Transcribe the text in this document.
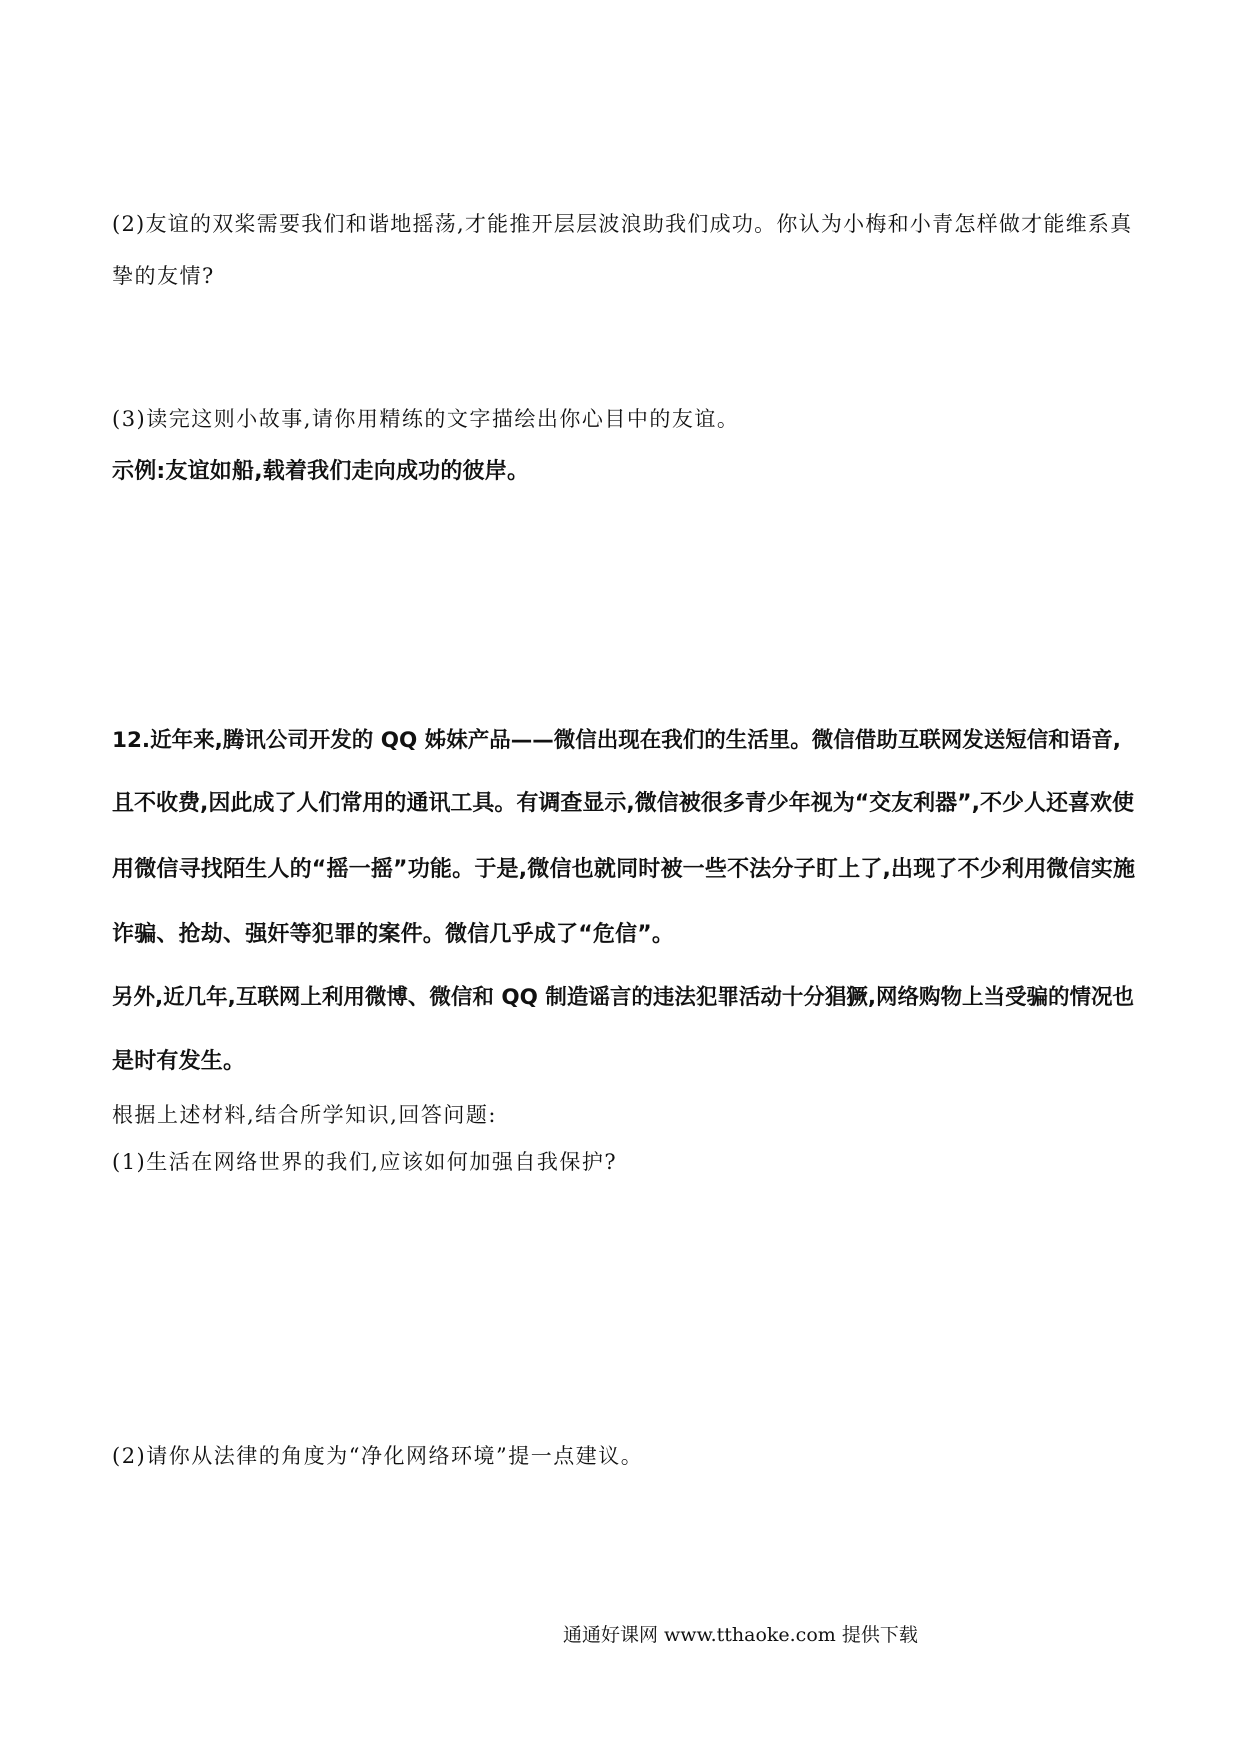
(2)友谊的双桨需要我们和谐地摇荡,才能推开层层波浪助我们成功。你认为小梅和小青怎样做才能维系真
挚的友情?
(3)读完这则小故事,请你用精练的文字描绘出你心目中的友谊。
示例:友谊如船,载着我们走向成功的彼岸。
12.近年来,腾讯公司开发的 QQ 姊妹产品——微信出现在我们的生活里。微信借助互联网发送短信和语音,
且不收费,因此成了人们常用的通讯工具。有调查显示,微信被很多青少年视为“交友利器”,不少人还喜欢使
用微信寻找陌生人的“摇一摇”功能。于是,微信也就同时被一些不法分子盯上了,出现了不少利用微信实施
诈骗、抢劫、强奸等犯罪的案件。微信几乎成了“危信”。
另外,近几年,互联网上利用微博、微信和 QQ 制造谣言的违法犯罪活动十分猖獗,网络购物上当受骗的情况也
是时有发生。
根据上述材料,结合所学知识,回答问题:
(1)生活在网络世界的我们,应该如何加强自我保护?
(2)请你从法律的角度为“净化网络环境”提一点建议。
通通好课网 www.tthaoke.com 提供下载
